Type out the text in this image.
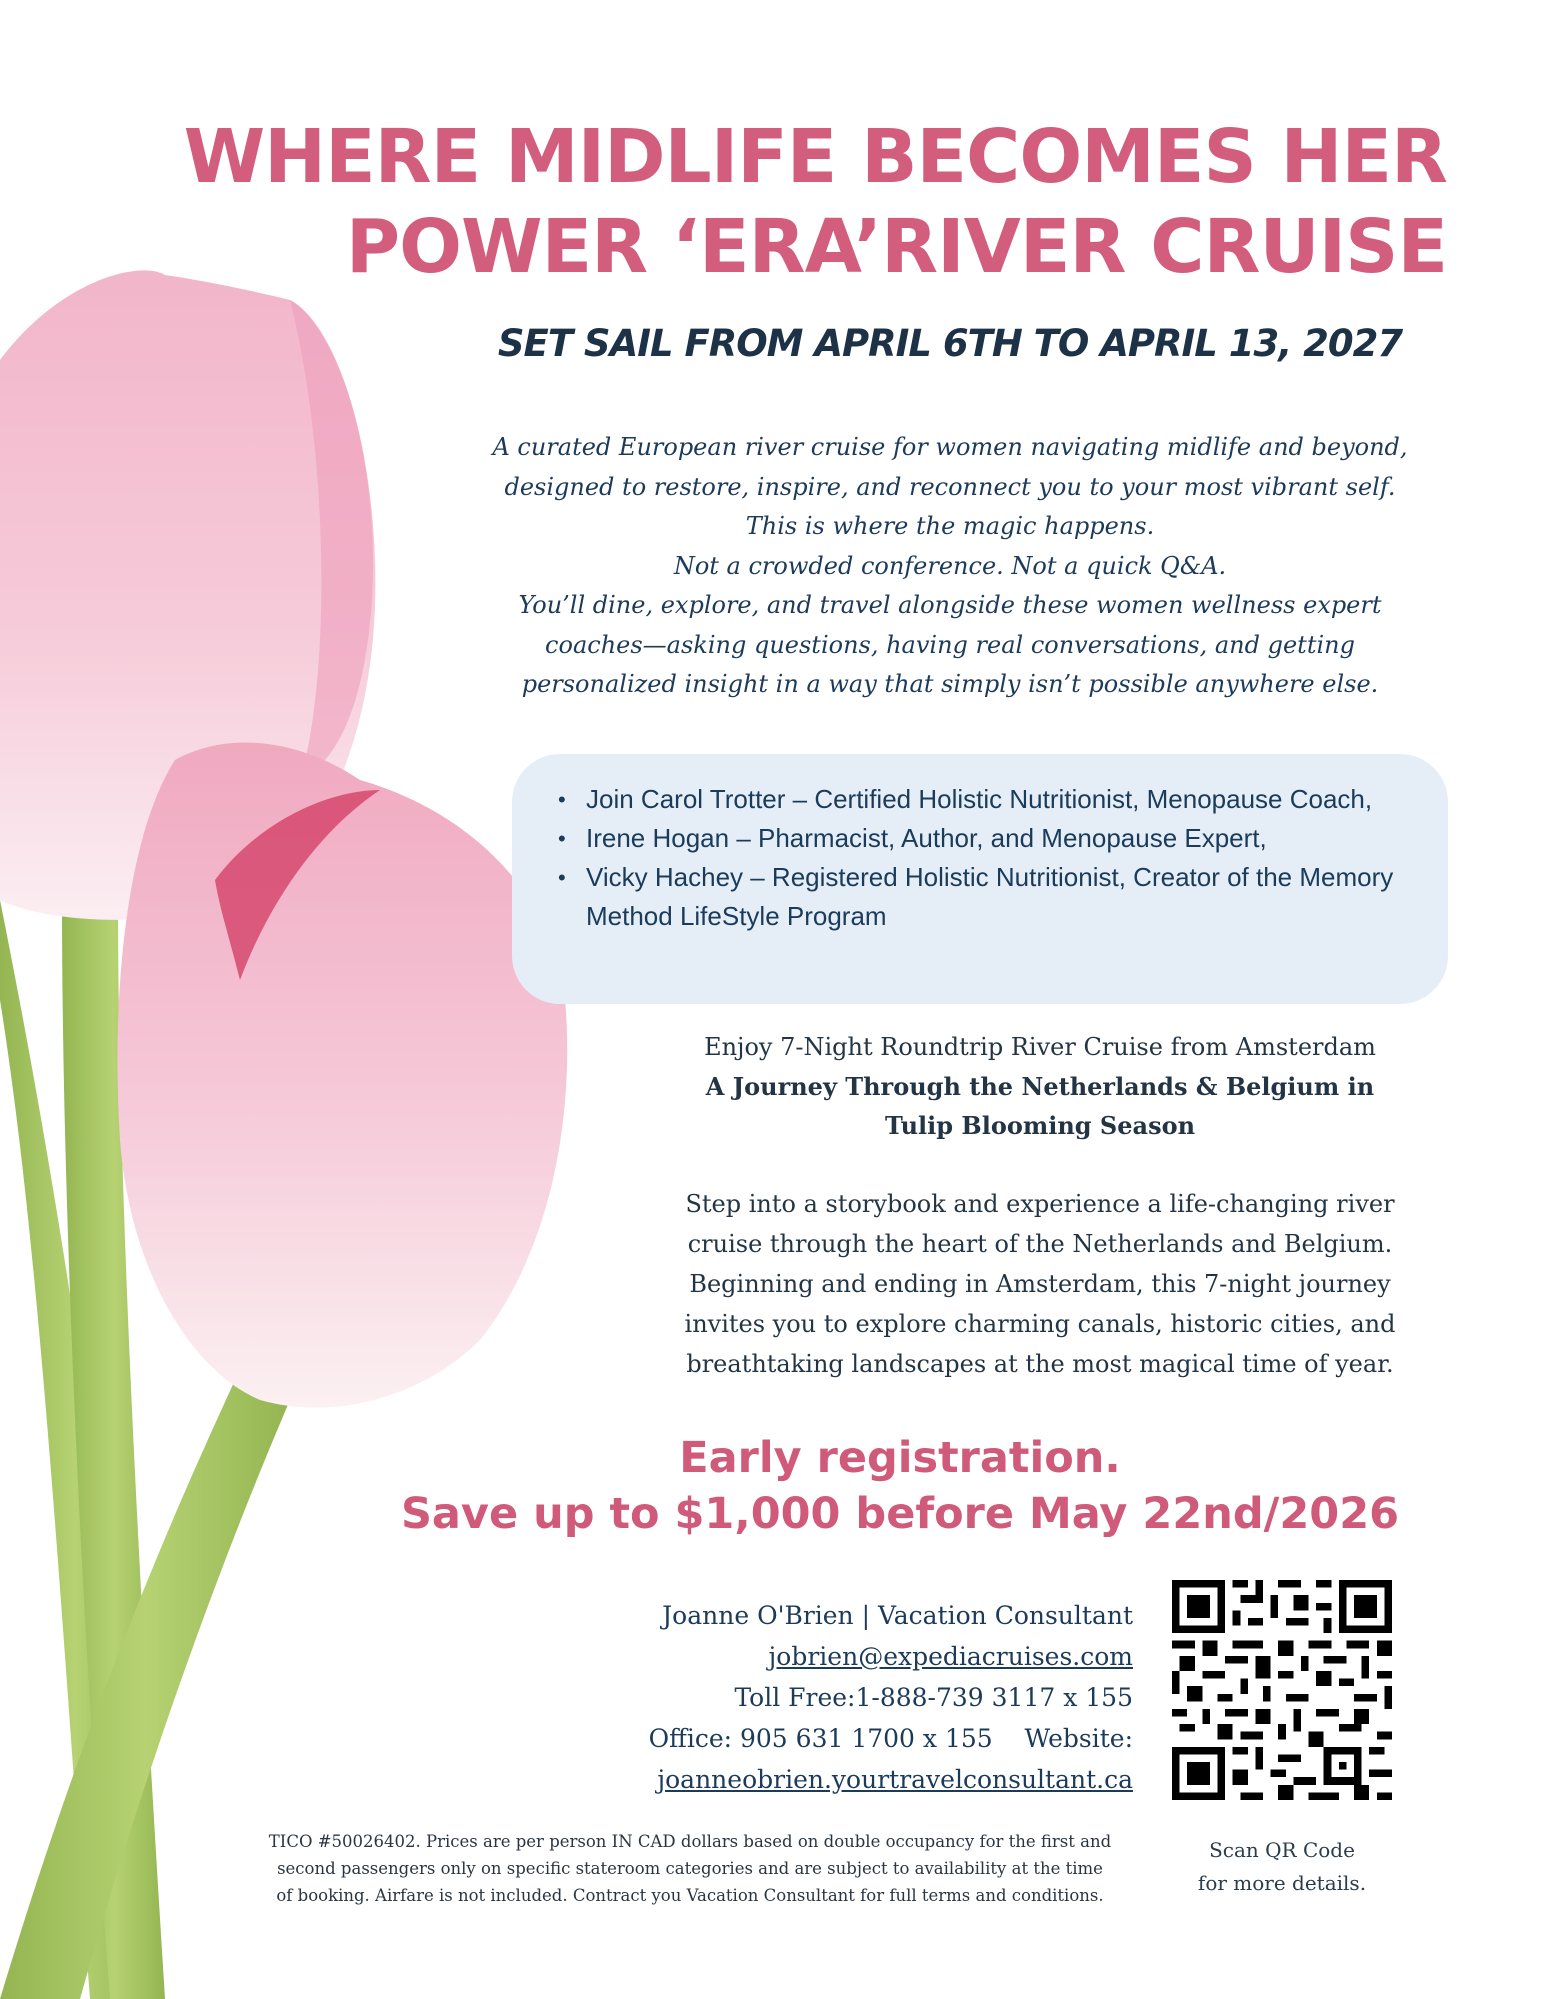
WHERE MIDLIFE BECOMES HER
POWER ‘ERA’RIVER CRUISE
SET SAIL FROM APRIL 6TH TO APRIL 13, 2027
A curated European river cruise for women navigating midlife and beyond,
designed to restore, inspire, and reconnect you to your most vibrant self.
This is where the magic happens.
Not a crowded conference. Not a quick Q&A.
You’ll dine, explore, and travel alongside these women wellness expert
coaches—asking questions, having real conversations, and getting
personalized insight in a way that simply isn’t possible anywhere else.
• Join Carol Trotter – Certified Holistic Nutritionist, Menopause Coach,
• Irene Hogan – Pharmacist, Author, and Menopause Expert,
• Vicky Hachey – Registered Holistic Nutritionist, Creator of the Memory Method LifeStyle Program
Enjoy 7-Night Roundtrip River Cruise from Amsterdam
A Journey Through the Netherlands & Belgium in
Tulip Blooming Season
Step into a storybook and experience a life-changing river
cruise through the heart of the Netherlands and Belgium.
Beginning and ending in Amsterdam, this 7-night journey
invites you to explore charming canals, historic cities, and
breathtaking landscapes at the most magical time of year.
Early registration.
Save up to $1,000 before May 22nd/2026
Joanne O'Brien | Vacation Consultant
jobrien@expediacruises.com
Toll Free:1-888-739 3117 x 155
Office: 905 631 1700 x 155    Website:
joanneobrien.yourtravelconsultant.ca
Scan QR Code
for more details.
TICO #50026402. Prices are per person IN CAD dollars based on double occupancy for the first and
second passengers only on specific stateroom categories and are subject to availability at the time
of booking. Airfare is not included. Contract you Vacation Consultant for full terms and conditions.
